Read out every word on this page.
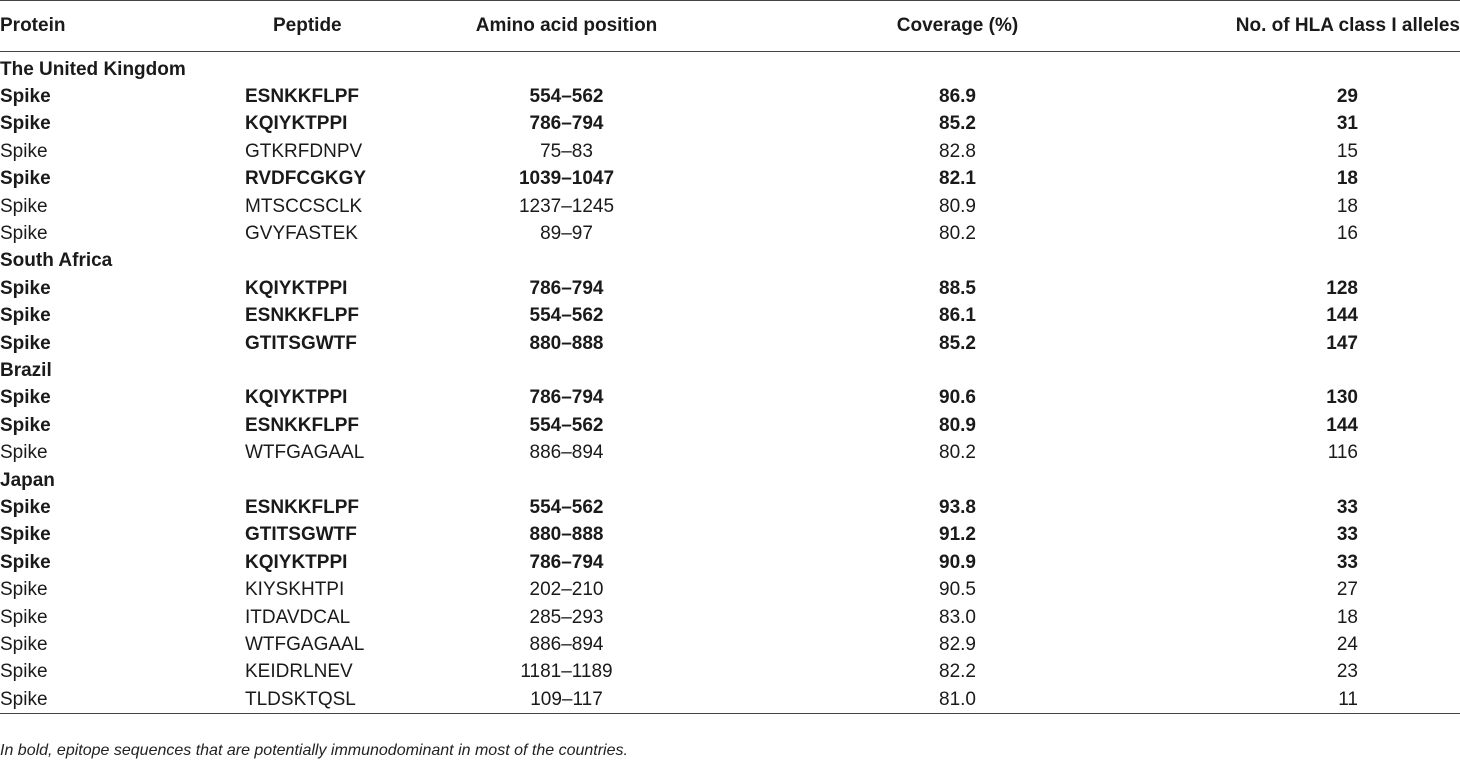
Protein	Peptide	Amino acid position	Coverage (%)	No. of HLA class I alleles
The United Kingdom				
Spike	ESNKKFLPF	554–562	86.9	29
Spike	KQIYKTPPI	786–794	85.2	31
Spike	GTKRFDNPV	75–83	82.8	15
Spike	RVDFCGKGY	1039–1047	82.1	18
Spike	MTSCCSCLK	1237–1245	80.9	18
Spike	GVYFASTEK	89–97	80.2	16
South Africa				
Spike	KQIYKTPPI	786–794	88.5	128
Spike	ESNKKFLPF	554–562	86.1	144
Spike	GTITSGWTF	880–888	85.2	147
Brazil				
Spike	KQIYKTPPI	786–794	90.6	130
Spike	ESNKKFLPF	554–562	80.9	144
Spike	WTFGAGAAL	886–894	80.2	116
Japan				
Spike	ESNKKFLPF	554–562	93.8	33
Spike	GTITSGWTF	880–888	91.2	33
Spike	KQIYKTPPI	786–794	90.9	33
Spike	KIYSKHTPI	202–210	90.5	27
Spike	ITDAVDCAL	285–293	83.0	18
Spike	WTFGAGAAL	886–894	82.9	24
Spike	KEIDRLNEV	1181–1189	82.2	23
Spike	TLDSKTQSL	109–117	81.0	11
In bold, epitope sequences that are potentially immunodominant in most of the countries.
